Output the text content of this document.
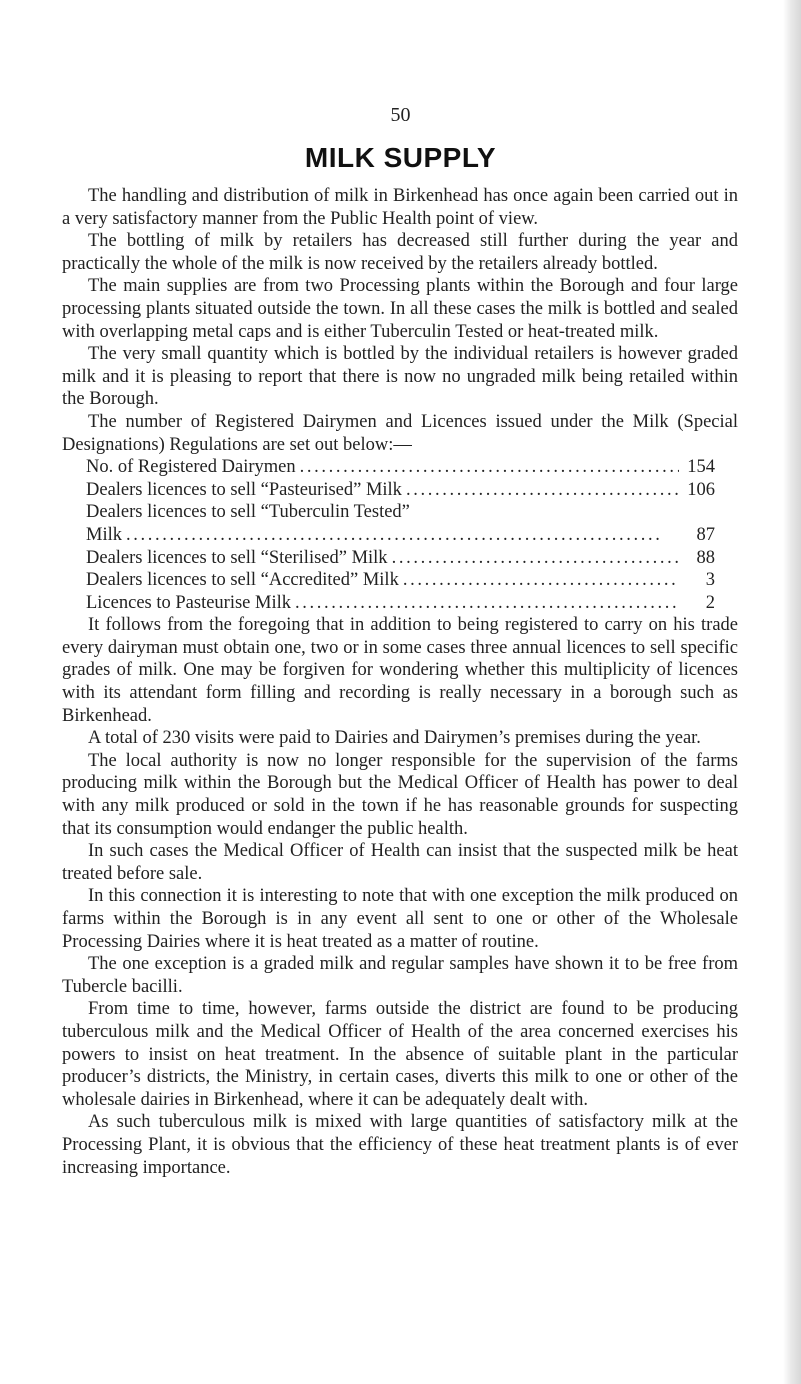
50
MILK SUPPLY

The handling and distribution of milk in Birkenhead has once again been carried out in a very satisfactory manner from the Public Health point of view.

The bottling of milk by retailers has decreased still further during the year and practically the whole of the milk is now received by the retailers already bottled.

The main supplies are from two Processing plants within the Borough and four large processing plants situated outside the town. In all these cases the milk is bottled and sealed with overlapping metal caps and is either Tuberculin Tested or heat-treated milk.

The very small quantity which is bottled by the individual retailers is however graded milk and it is pleasing to report that there is now no ungraded milk being retailed within the Borough.

The number of Registered Dairymen and Licences issued under the Milk (Special Designations) Regulations are set out below:—

No. of Registered Dairymen . . .	154
Dealers licences to sell “Pasteurised” Milk . . .	106
Dealers licences to sell “Tuberculin Tested”
Milk . . .	87
Dealers licences to sell “Sterilised” Milk . . .	88
Dealers licences to sell “Accredited” Milk . . .	3
Licences to Pasteurise Milk . . .	2

It follows from the foregoing that in addition to being registered to carry on his trade every dairyman must obtain one, two or in some cases three annual licences to sell specific grades of milk. One may be forgiven for wondering whether this multiplicity of licences with its attendant form filling and recording is really necessary in a borough such as Birkenhead.

A total of 230 visits were paid to Dairies and Dairymen’s premises during the year.

The local authority is now no longer responsible for the supervision of the farms producing milk within the Borough but the Medical Officer of Health has power to deal with any milk produced or sold in the town if he has reasonable grounds for suspecting that its consumption would endanger the public health.

In such cases the Medical Officer of Health can insist that the suspected milk be heat treated before sale.

In this connection it is interesting to note that with one exception the milk produced on farms within the Borough is in any event all sent to one or other of the Wholesale Processing Dairies where it is heat treated as a matter of routine.

The one exception is a graded milk and regular samples have shown it to be free from Tubercle bacilli.

From time to time, however, farms outside the district are found to be producing tuberculous milk and the Medical Officer of Health of the area concerned exercises his powers to insist on heat treatment. In the absence of suitable plant in the particular producer’s districts, the Ministry, in certain cases, diverts this milk to one or other of the wholesale dairies in Birkenhead, where it can be adequately dealt with.

As such tuberculous milk is mixed with large quantities of satisfactory milk at the Processing Plant, it is obvious that the efficiency of these heat treatment plants is of ever increasing importance.
